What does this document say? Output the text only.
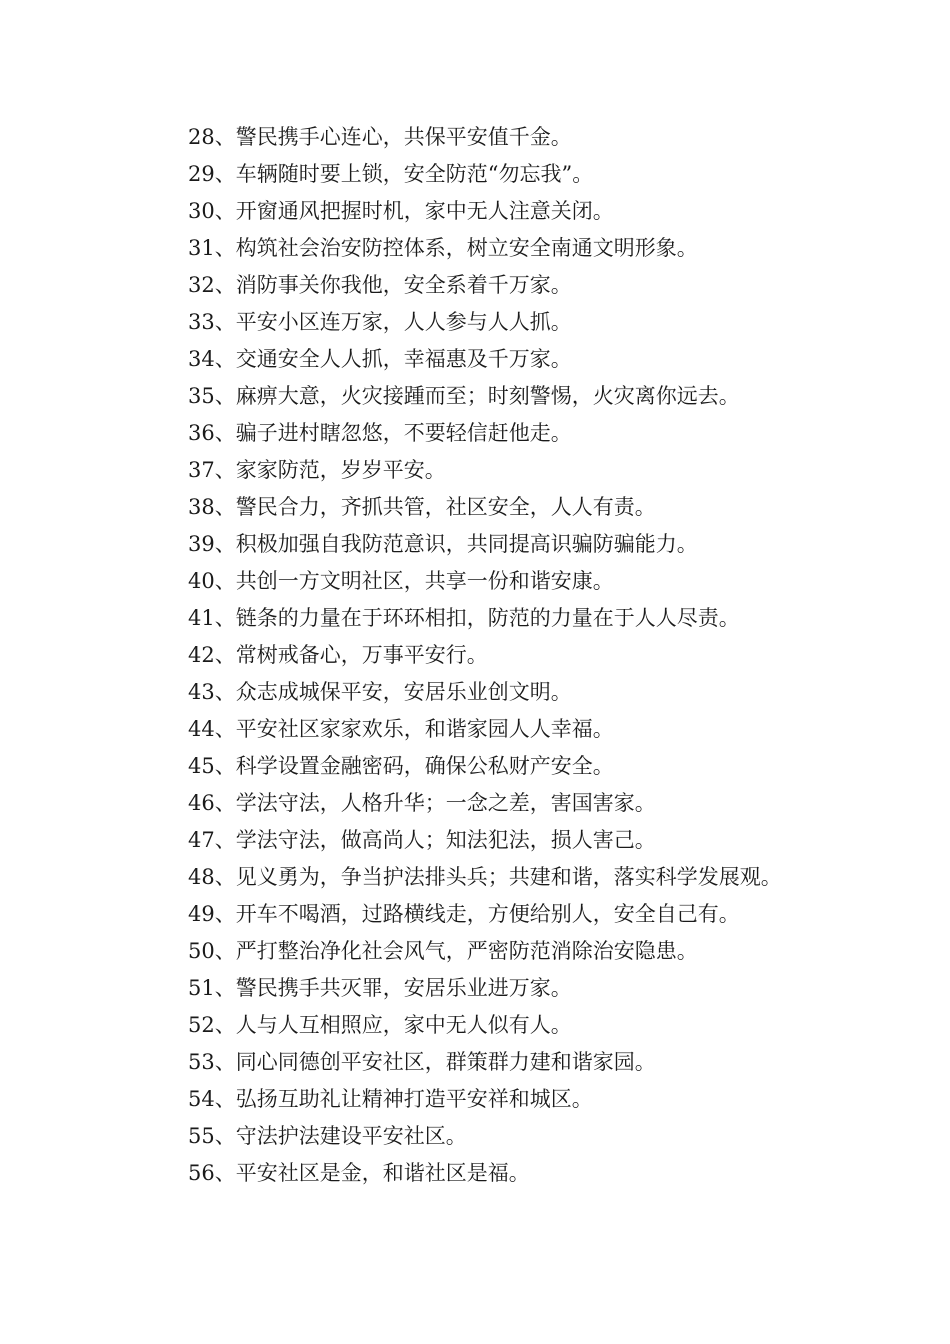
28、警民携手心连心，共保平安值千金。
29、车辆随时要上锁，安全防范“勿忘我”。
30、开窗通风把握时机，家中无人注意关闭。
31、构筑社会治安防控体系，树立安全南通文明形象。
32、消防事关你我他，安全系着千万家。
33、平安小区连万家，人人参与人人抓。
34、交通安全人人抓，幸福惠及千万家。
35、麻痹大意，火灾接踵而至；时刻警惕，火灾离你远去。
36、骗子进村瞎忽悠，不要轻信赶他走。
37、家家防范，岁岁平安。
38、警民合力，齐抓共管，社区安全，人人有责。
39、积极加强自我防范意识，共同提高识骗防骗能力。
40、共创一方文明社区，共享一份和谐安康。
41、链条的力量在于环环相扣，防范的力量在于人人尽责。
42、常树戒备心，万事平安行。
43、众志成城保平安，安居乐业创文明。
44、平安社区家家欢乐，和谐家园人人幸福。
45、科学设置金融密码，确保公私财产安全。
46、学法守法，人格升华；一念之差，害国害家。
47、学法守法，做高尚人；知法犯法，损人害己。
48、见义勇为，争当护法排头兵；共建和谐，落实科学发展观。
49、开车不喝酒，过路横线走，方便给别人，安全自己有。
50、严打整治净化社会风气，严密防范消除治安隐患。
51、警民携手共灭罪，安居乐业进万家。
52、人与人互相照应，家中无人似有人。
53、同心同德创平安社区，群策群力建和谐家园。
54、弘扬互助礼让精神打造平安祥和城区。
55、守法护法建设平安社区。
56、平安社区是金，和谐社区是福。
